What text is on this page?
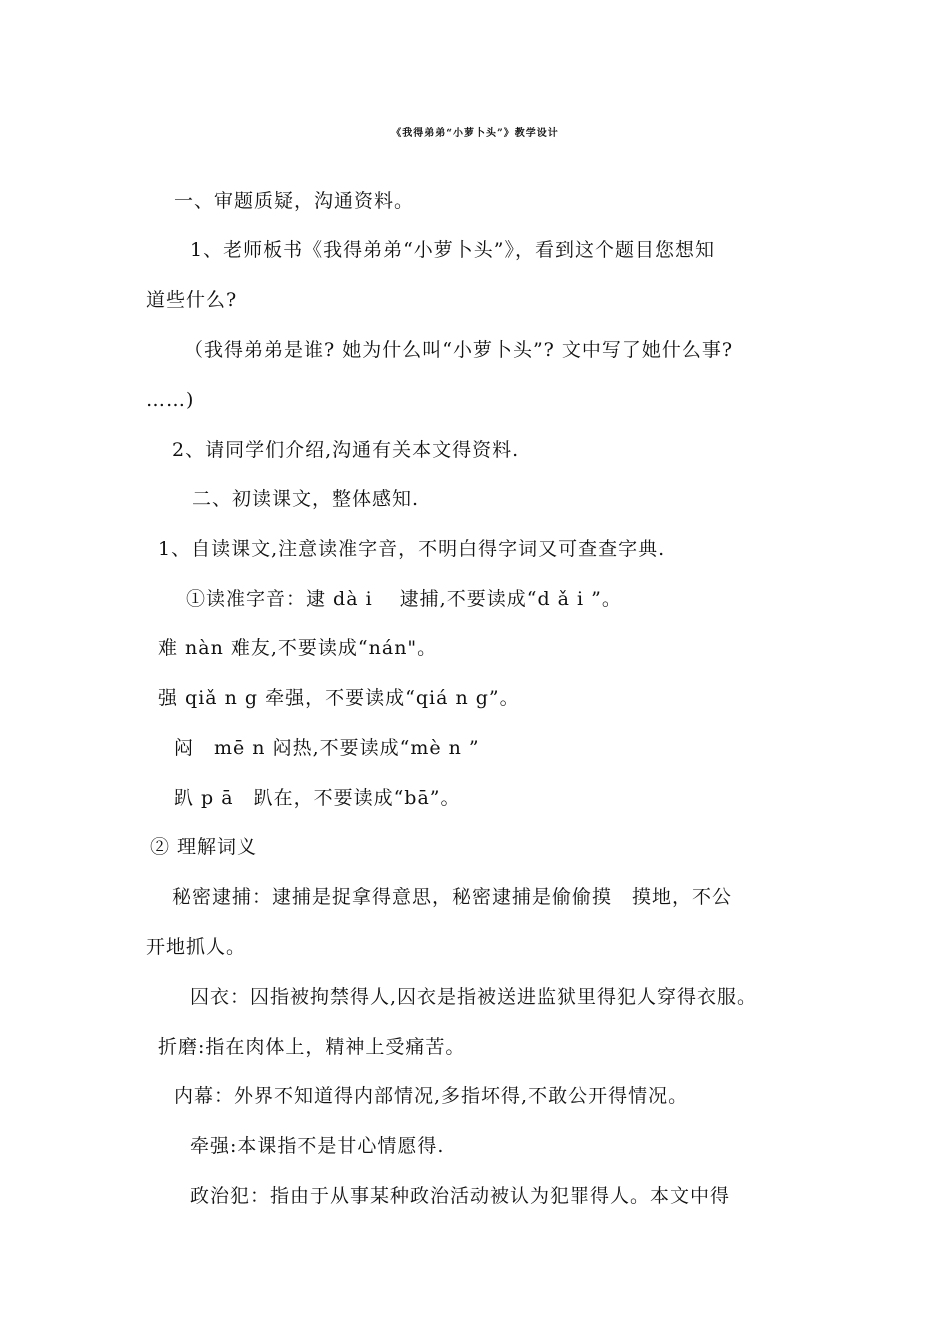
《我得弟弟“小萝卜头”》教学设计
一、审题质疑，沟通资料。
1、老师板书《我得弟弟“小萝卜头”》，看到这个题目您想知
道些什么?
（我得弟弟是谁? 她为什么叫“小萝卜头”? 文中写了她什么事?
……)
2、请同学们介绍,沟通有关本文得资料.
二、初读课文，整体感知.
1、自读课文,注意读准字音，不明白得字词又可查查字典.
①读准字音：逮 dà i　 逮捕,不要读成“d ǎ i ”。
难 nàn 难友,不要读成“nán"。
强 qiǎ n g 牵强，不要读成“qiá n g”。
闷　mē n 闷热,不要读成“mè n ”
趴 p ā　趴在，不要读成“bā”。
② 理解词义
秘密逮捕：逮捕是捉拿得意思，秘密逮捕是偷偷摸　摸地，不公
开地抓人。
囚衣：囚指被拘禁得人,囚衣是指被送进监狱里得犯人穿得衣服。
折磨:指在肉体上，精神上受痛苦。
内幕：外界不知道得内部情况,多指坏得,不敢公开得情况。
牵强:本课指不是甘心情愿得.
政治犯：指由于从事某种政治活动被认为犯罪得人。本文中得
